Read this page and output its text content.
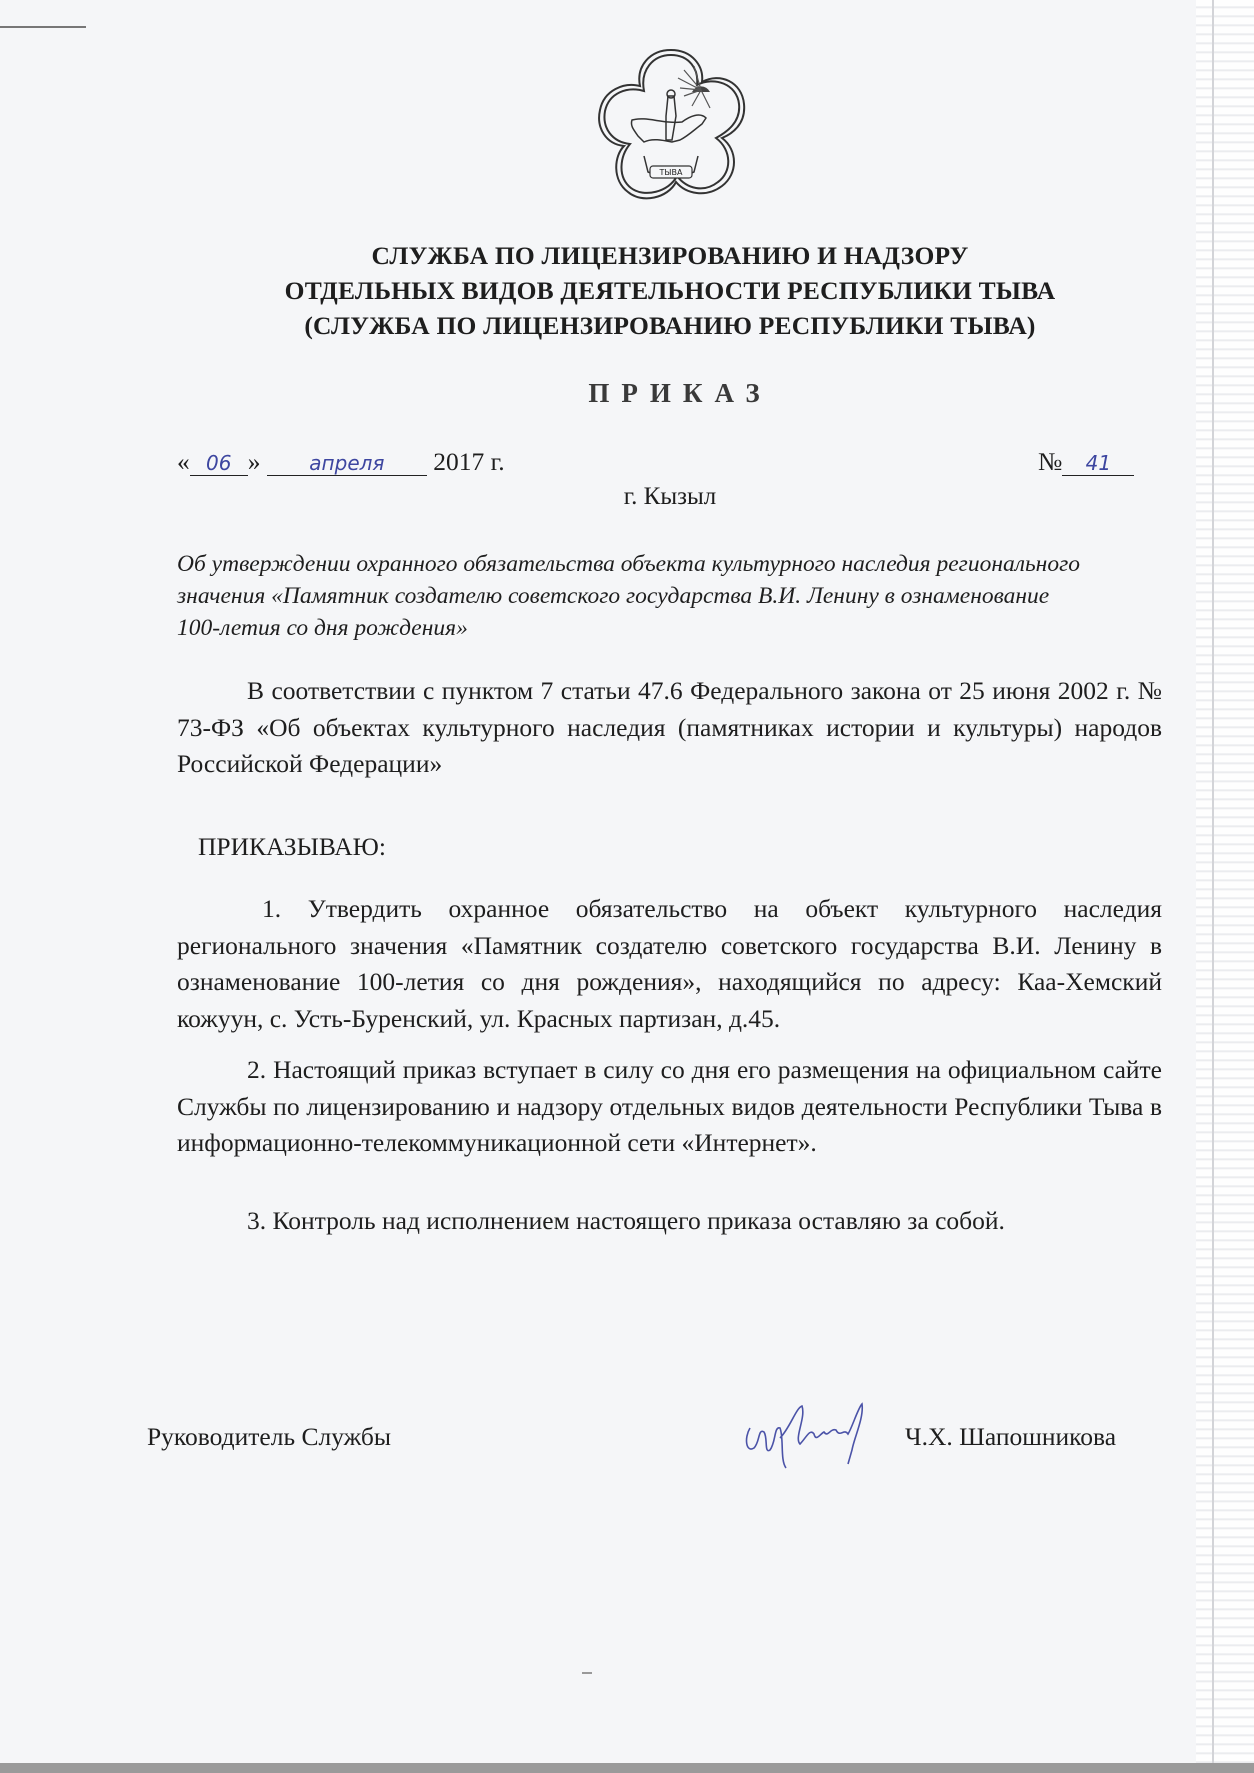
ТЫВА
СЛУЖБА ПО ЛИЦЕНЗИРОВАНИЮ И НАДЗОРУ
ОТДЕЛЬНЫХ ВИДОВ ДЕЯТЕЛЬНОСТИ РЕСПУБЛИКИ ТЫВА
(СЛУЖБА ПО ЛИЦЕНЗИРОВАНИЮ РЕСПУБЛИКИ ТЫВА)
ПРИКАЗ
« 06 » апреля 2017 г.	№ 41
г. Кызыл
Об утверждении охранного обязательства объекта культурного наследия регионального значения «Памятник создателю советского государства В.И. Ленину в ознаменование 100-летия со дня рождения»
В соответствии с пунктом 7 статьи 47.6 Федерального закона от 25 июня 2002 г. № 73-ФЗ «Об объектах культурного наследия (памятниках истории и культуры) народов Российской Федерации»
ПРИКАЗЫВАЮ:
1. Утвердить охранное обязательство на объект культурного наследия регионального значения «Памятник создателю советского государства В.И. Ленину в ознаменование 100-летия со дня рождения», находящийся по адресу: Каа-Хемский кожуун, с. Усть-Буренский, ул. Красных партизан, д.45.
2. Настоящий приказ вступает в силу со дня его размещения на официальном сайте Службы по лицензированию и надзору отдельных видов деятельности Республики Тыва в информационно-телекоммуникационной сети «Интернет».
3. Контроль над исполнением настоящего приказа оставляю за собой.
Руководитель Службы	Ч.Х. Шапошникова
